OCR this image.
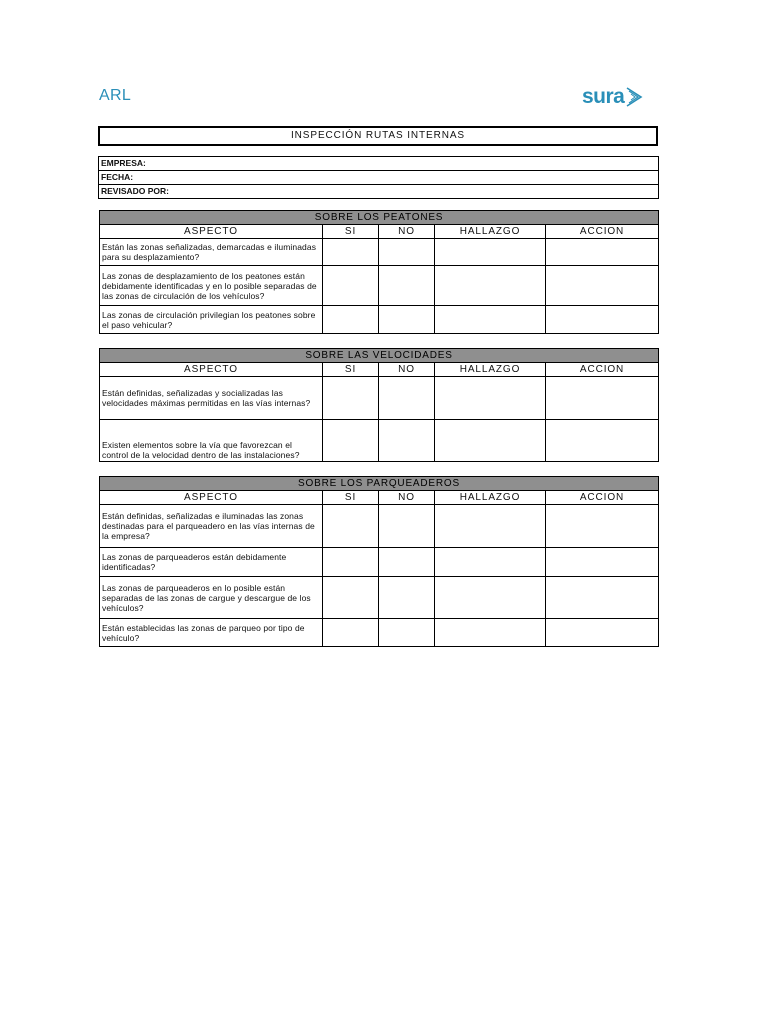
ARL	sura
INSPECCIÓN RUTAS INTERNAS
EMPRESA:
FECHA:
REVISADO POR:
SOBRE LOS PEATONES				
ASPECTO	SI	NO	HALLAZGO	ACCION
Están las zonas señalizadas, demarcadas e iluminadas para su desplazamiento?				
Las zonas de desplazamiento de los peatones están debidamente identificadas y en lo posible separadas de las zonas de circulación de los vehículos?				
Las zonas de circulación privilegian los peatones sobre el paso vehicular?				
SOBRE LAS VELOCIDADES				
ASPECTO	SI	NO	HALLAZGO	ACCION
Están definidas, señalizadas y socializadas las velocidades máximas permitidas en las vías internas?				
Existen elementos sobre la vía que favorezcan el control de la velocidad dentro de las instalaciones?				
SOBRE LOS PARQUEADEROS				
ASPECTO	SI	NO	HALLAZGO	ACCION
Están definidas, señalizadas e iluminadas las zonas destinadas para el parqueadero en las vías internas de la empresa?				
Las zonas de parqueaderos están debidamente identificadas?				
Las zonas de parqueaderos en lo posible están separadas de las zonas de cargue y descargue de los vehículos?				
Están establecidas las zonas de parqueo por tipo de vehículo?				
